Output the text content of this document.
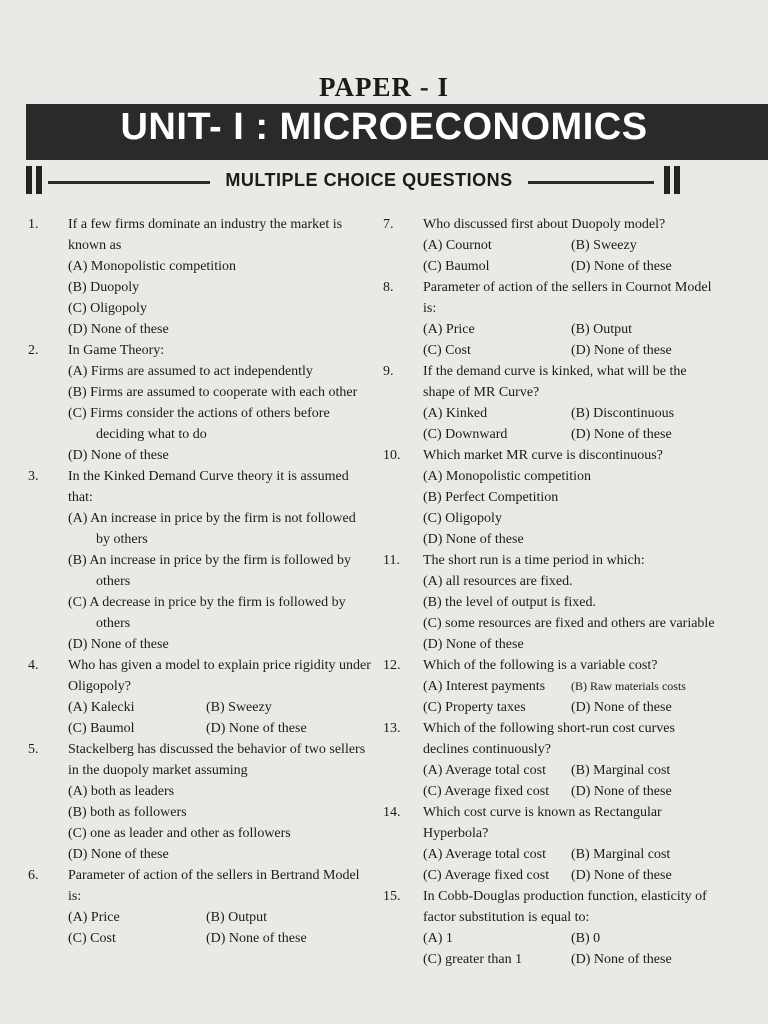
PAPER - I
UNIT- I : MICROECONOMICS
MULTIPLE CHOICE QUESTIONS
1. If a few firms dominate an industry the market is known as
(A) Monopolistic competition
(B) Duopoly
(C) Oligopoly
(D) None of these
2. In Game Theory:
(A) Firms are assumed to act independently
(B) Firms are assumed to cooperate with each other
(C) Firms consider the actions of others before deciding what to do
(D) None of these
3. In the Kinked Demand Curve theory it is assumed that:
(A) An increase in price by the firm is not followed by others
(B) An increase in price by the firm is followed by others
(C) A decrease in price by the firm is followed by others
(D) None of these
4. Who has given a model to explain price rigidity under Oligopoly?
(A) Kalecki	(B) Sweezy
(C) Baumol	(D) None of these
5. Stackelberg has discussed the behavior of two sellers in the duopoly market assuming
(A) both as leaders
(B) both as followers
(C) one as leader and other as followers
(D) None of these
6. Parameter of action of the sellers in Bertrand Model is:
(A) Price	(B) Output
(C) Cost	(D) None of these
7. Who discussed first about Duopoly model?
(A) Cournot	(B) Sweezy
(C) Baumol	(D) None of these
8. Parameter of action of the sellers in Cournot Model is:
(A) Price	(B) Output
(C) Cost	(D) None of these
9. If the demand curve is kinked, what will be the shape of MR Curve?
(A) Kinked	(B) Discontinuous
(C) Downward	(D) None of these
10. Which market MR curve is discontinuous?
(A) Monopolistic competition
(B) Perfect Competition
(C) Oligopoly
(D) None of these
11. The short run is a time period in which:
(A) all resources are fixed.
(B) the level of output is fixed.
(C) some resources are fixed and others are variable
(D) None of these
12. Which of the following is a variable cost?
(A) Interest payments	(B) Raw materials costs
(C) Property taxes	(D) None of these
13. Which of the following short-run cost curves declines continuously?
(A) Average total cost	(B) Marginal cost
(C) Average fixed cost	(D) None of these
14. Which cost curve is known as Rectangular Hyperbola?
(A) Average total cost	(B) Marginal cost
(C) Average fixed cost	(D) None of these
15. In Cobb-Douglas production function, elasticity of factor substitution is equal to:
(A) 1	(B) 0
(C) greater than 1	(D) None of these
